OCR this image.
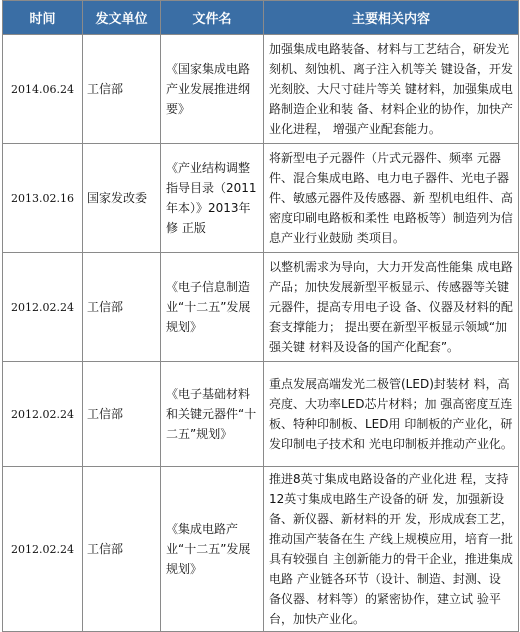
时间	发文单位	文件名	主要相关内容
2014.06.24	工信部	《国家集成电路产业发展推进纲要》	加强集成电路装备、材料与工艺结合，研发光刻机、刻蚀机、离子注入机等关 键设备，开发光刻胶、大尺寸硅片等关 键材料，加强集成电路制造企业和装 备、材料企业的协作，加快产业化进程， 增强产业配套能力。
2013.02.16	国家发改委	《产业结构调整指导目录（2011年本）》2013年修 正版	将新型电子元器件（片式元器件、频率 元器件、混合集成电路、电力电子器件、光电子器件、敏感元器件及传感器、新 型机电组件、高密度印刷电路板和柔性 电路板等）制造列为信息产业行业鼓励 类项目。
2012.02.24	工信部	《电子信息制造业“十二五”发展规划》	以整机需求为导向，大力开发高性能集 成电路产品；加快发展新型平板显示、传感器等关键元器件，提高专用电子设 备、仪器及材料的配套支撑能力； 提出要在新型平板显示领域“加强关键 材料及设备的国产化配套”。
2012.02.24	工信部	《电子基础材料和关键元器件“十二五”规划》	重点发展高端发光二极管(LED)封装材 料，高亮度、大功率LED芯片材料；加 强高密度互连板、特种印制板、LED用 印制板的产业化，研发印制电子技术和 光电印制板并推动产业化。
2012.02.24	工信部	《集成电路产业“十二五”发展规划》	推进8英寸集成电路设备的产业化进 程，支持12英寸集成电路生产设备的研 发，加强新设备、新仪器、新材料的开 发，形成成套工艺，推动国产装备在生 产线上规模应用，培育一批具有较强自 主创新能力的骨干企业，推进集成电路 产业链各环节（设计、制造、封测、设 备仪器、材料等）的紧密协作，建立试 验平台，加快产业化。
